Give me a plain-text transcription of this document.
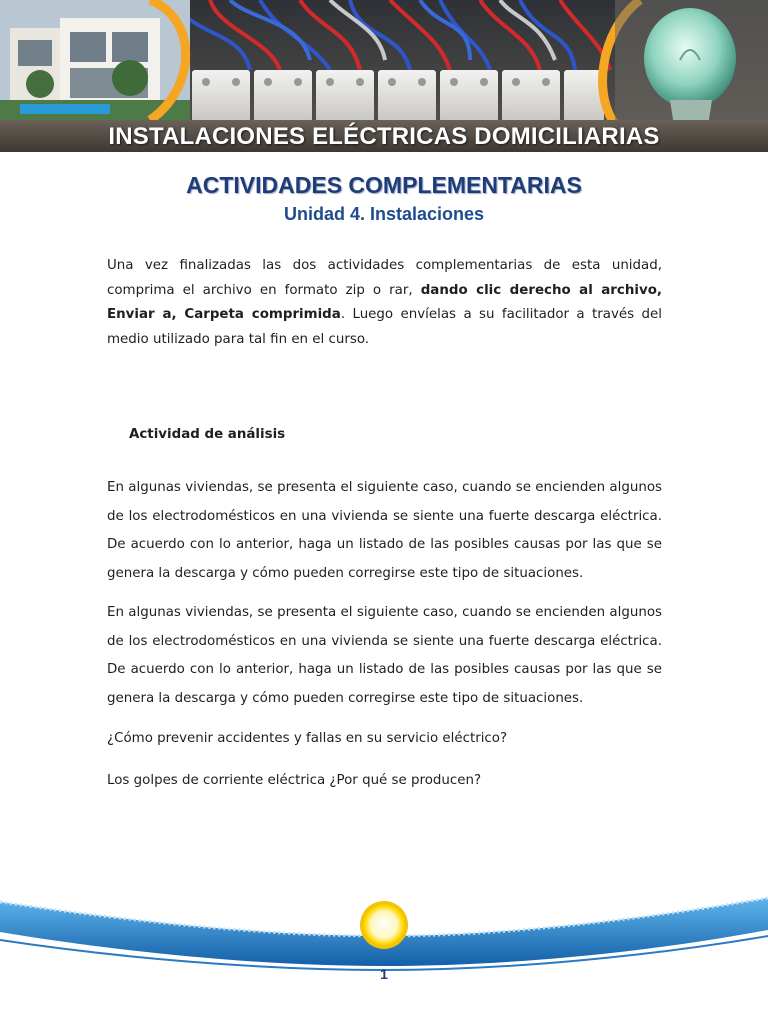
INSTALACIONES ELÉCTRICAS DOMICILIARIAS
ACTIVIDADES COMPLEMENTARIAS
Unidad 4. Instalaciones
Una vez finalizadas las dos actividades complementarias de esta unidad, comprima el archivo en formato zip o rar, dando clic derecho al archivo, Enviar a, Carpeta comprimida. Luego envíelas a su facilitador a través del medio utilizado para tal fin en el curso.
Actividad de análisis
En algunas viviendas, se presenta el siguiente caso, cuando se encienden algunos de los electrodomésticos en una vivienda se siente una fuerte descarga eléctrica. De acuerdo con lo anterior, haga un listado de las posibles causas por las que se genera la descarga y cómo pueden corregirse este tipo de situaciones.
En algunas viviendas, se presenta el siguiente caso, cuando se encienden algunos de los electrodomésticos en una vivienda se siente una fuerte descarga eléctrica. De acuerdo con lo anterior, haga un listado de las posibles causas por las que se genera la descarga y cómo pueden corregirse este tipo de situaciones.
¿Cómo prevenir accidentes y fallas en su servicio eléctrico?
Los golpes de corriente eléctrica ¿Por qué se producen?
1
